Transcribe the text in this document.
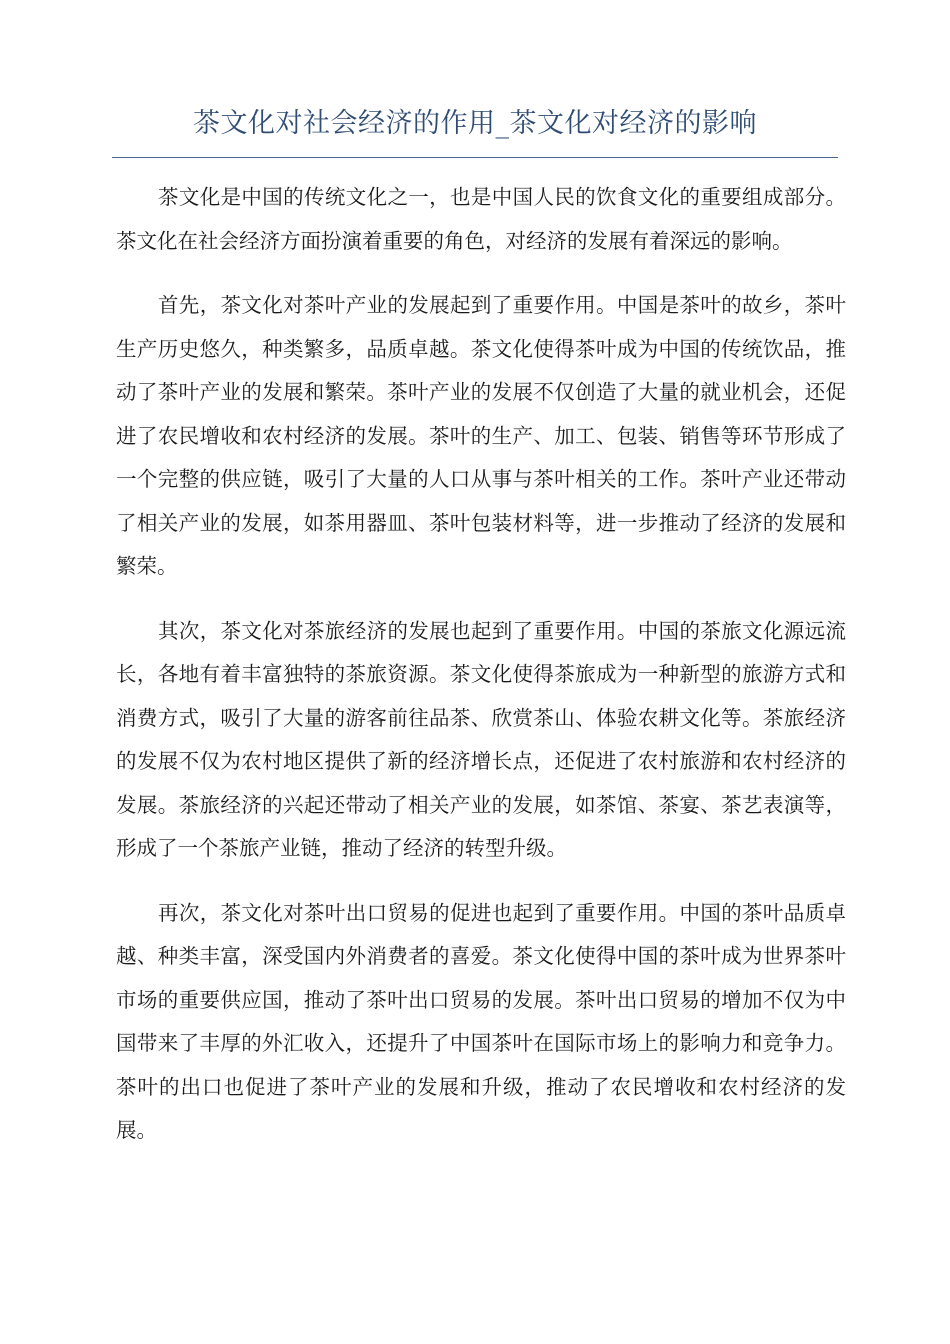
茶文化对社会经济的作用_茶文化对经济的影响

茶文化是中国的传统文化之一，也是中国人民的饮食文化的重要组成部分。茶文化在社会经济方面扮演着重要的角色，对经济的发展有着深远的影响。

首先，茶文化对茶叶产业的发展起到了重要作用。中国是茶叶的故乡，茶叶生产历史悠久，种类繁多，品质卓越。茶文化使得茶叶成为中国的传统饮品，推动了茶叶产业的发展和繁荣。茶叶产业的发展不仅创造了大量的就业机会，还促进了农民增收和农村经济的发展。茶叶的生产、加工、包装、销售等环节形成了一个完整的供应链，吸引了大量的人口从事与茶叶相关的工作。茶叶产业还带动了相关产业的发展，如茶用器皿、茶叶包装材料等，进一步推动了经济的发展和繁荣。

其次，茶文化对茶旅经济的发展也起到了重要作用。中国的茶旅文化源远流长，各地有着丰富独特的茶旅资源。茶文化使得茶旅成为一种新型的旅游方式和消费方式，吸引了大量的游客前往品茶、欣赏茶山、体验农耕文化等。茶旅经济的发展不仅为农村地区提供了新的经济增长点，还促进了农村旅游和农村经济的发展。茶旅经济的兴起还带动了相关产业的发展，如茶馆、茶宴、茶艺表演等，形成了一个茶旅产业链，推动了经济的转型升级。

再次，茶文化对茶叶出口贸易的促进也起到了重要作用。中国的茶叶品质卓越、种类丰富，深受国内外消费者的喜爱。茶文化使得中国的茶叶成为世界茶叶市场的重要供应国，推动了茶叶出口贸易的发展。茶叶出口贸易的增加不仅为中国带来了丰厚的外汇收入，还提升了中国茶叶在国际市场上的影响力和竞争力。茶叶的出口也促进了茶叶产业的发展和升级，推动了农民增收和农村经济的发展。
